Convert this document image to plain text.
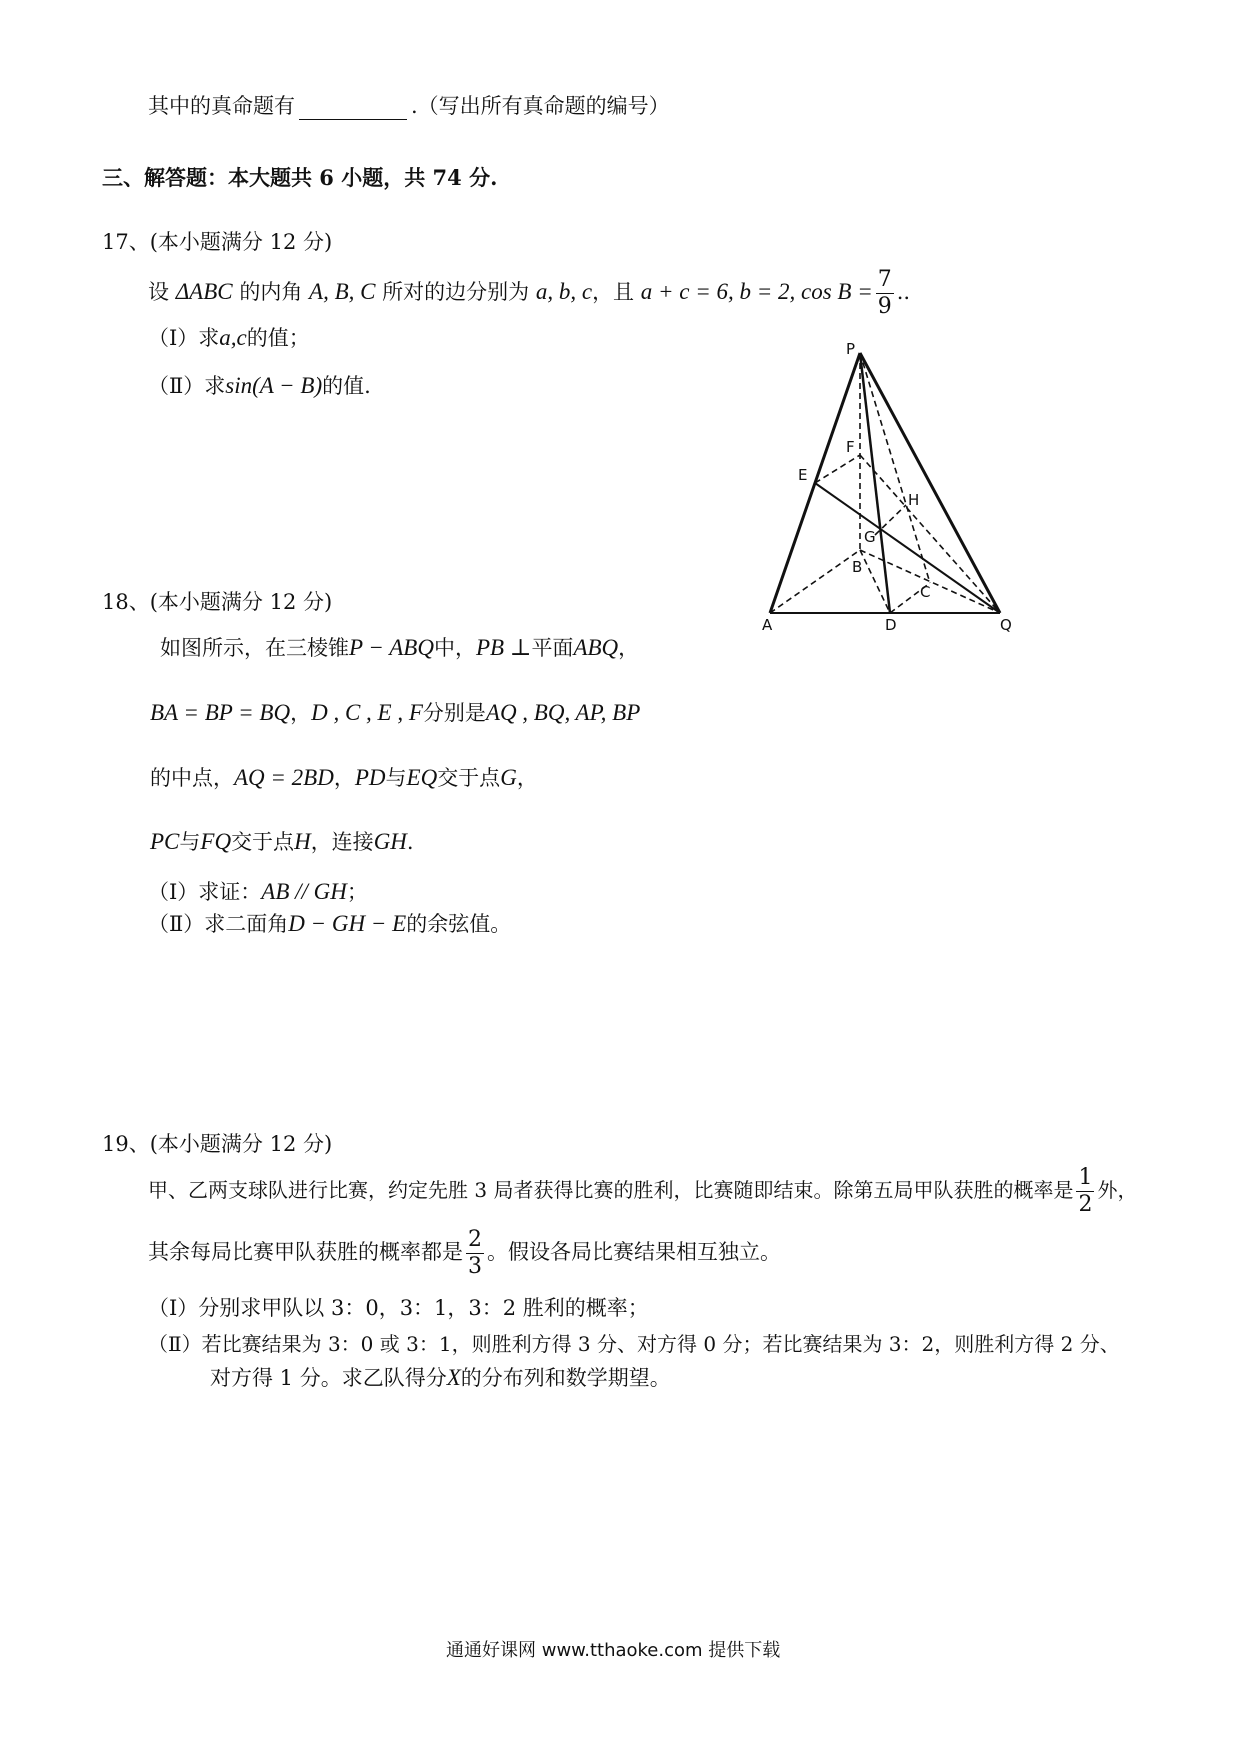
其中的真命题有	.（写出所有真命题的编号）
三、解答题：本大题共 6 小题，共 74 分.
17、(本小题满分 12 分)
设 ΔABC 的内角 A, B, C 所对的边分别为 a, b, c，且 a + c = 6, b = 2, $\cos B = \frac{7}{9}$ ..
（Ⅰ）求a,c的值；
（Ⅱ）求sin(A − B)的值.
P
E
F
H
G
B
C
A	D	Q
18、(本小题满分 12 分)
如图所示，在三棱锥P − ABQ中，PB ⊥平面ABQ，
BA = BP = BQ，D , C , E , F分别是AQ , BQ, AP, BP
的中点，AQ = 2BD，PD与EQ交于点G，
PC与FQ交于点H，连接GH.
（Ⅰ）求证：AB // GH；
（Ⅱ）求二面角D − GH − E的余弦值。
19、(本小题满分 12 分)
甲、乙两支球队进行比赛，约定先胜 3 局者获得比赛的胜利，比赛随即结束。除第五局甲队获胜的概率是 $\frac{1}{2}$ 外，
其余每局比赛甲队获胜的概率都是 $\frac{2}{3}$ 。假设各局比赛结果相互独立。
（Ⅰ）分别求甲队以 3：0，3：1，3：2 胜利的概率；
（Ⅱ）若比赛结果为 3：0 或 3：1，则胜利方得 3 分、对方得 0 分；若比赛结果为 3：2，则胜利方得 2 分、
对方得 1 分。求乙队得分X的分布列和数学期望。
通通好课网 www.tthaoke.com 提供下载
